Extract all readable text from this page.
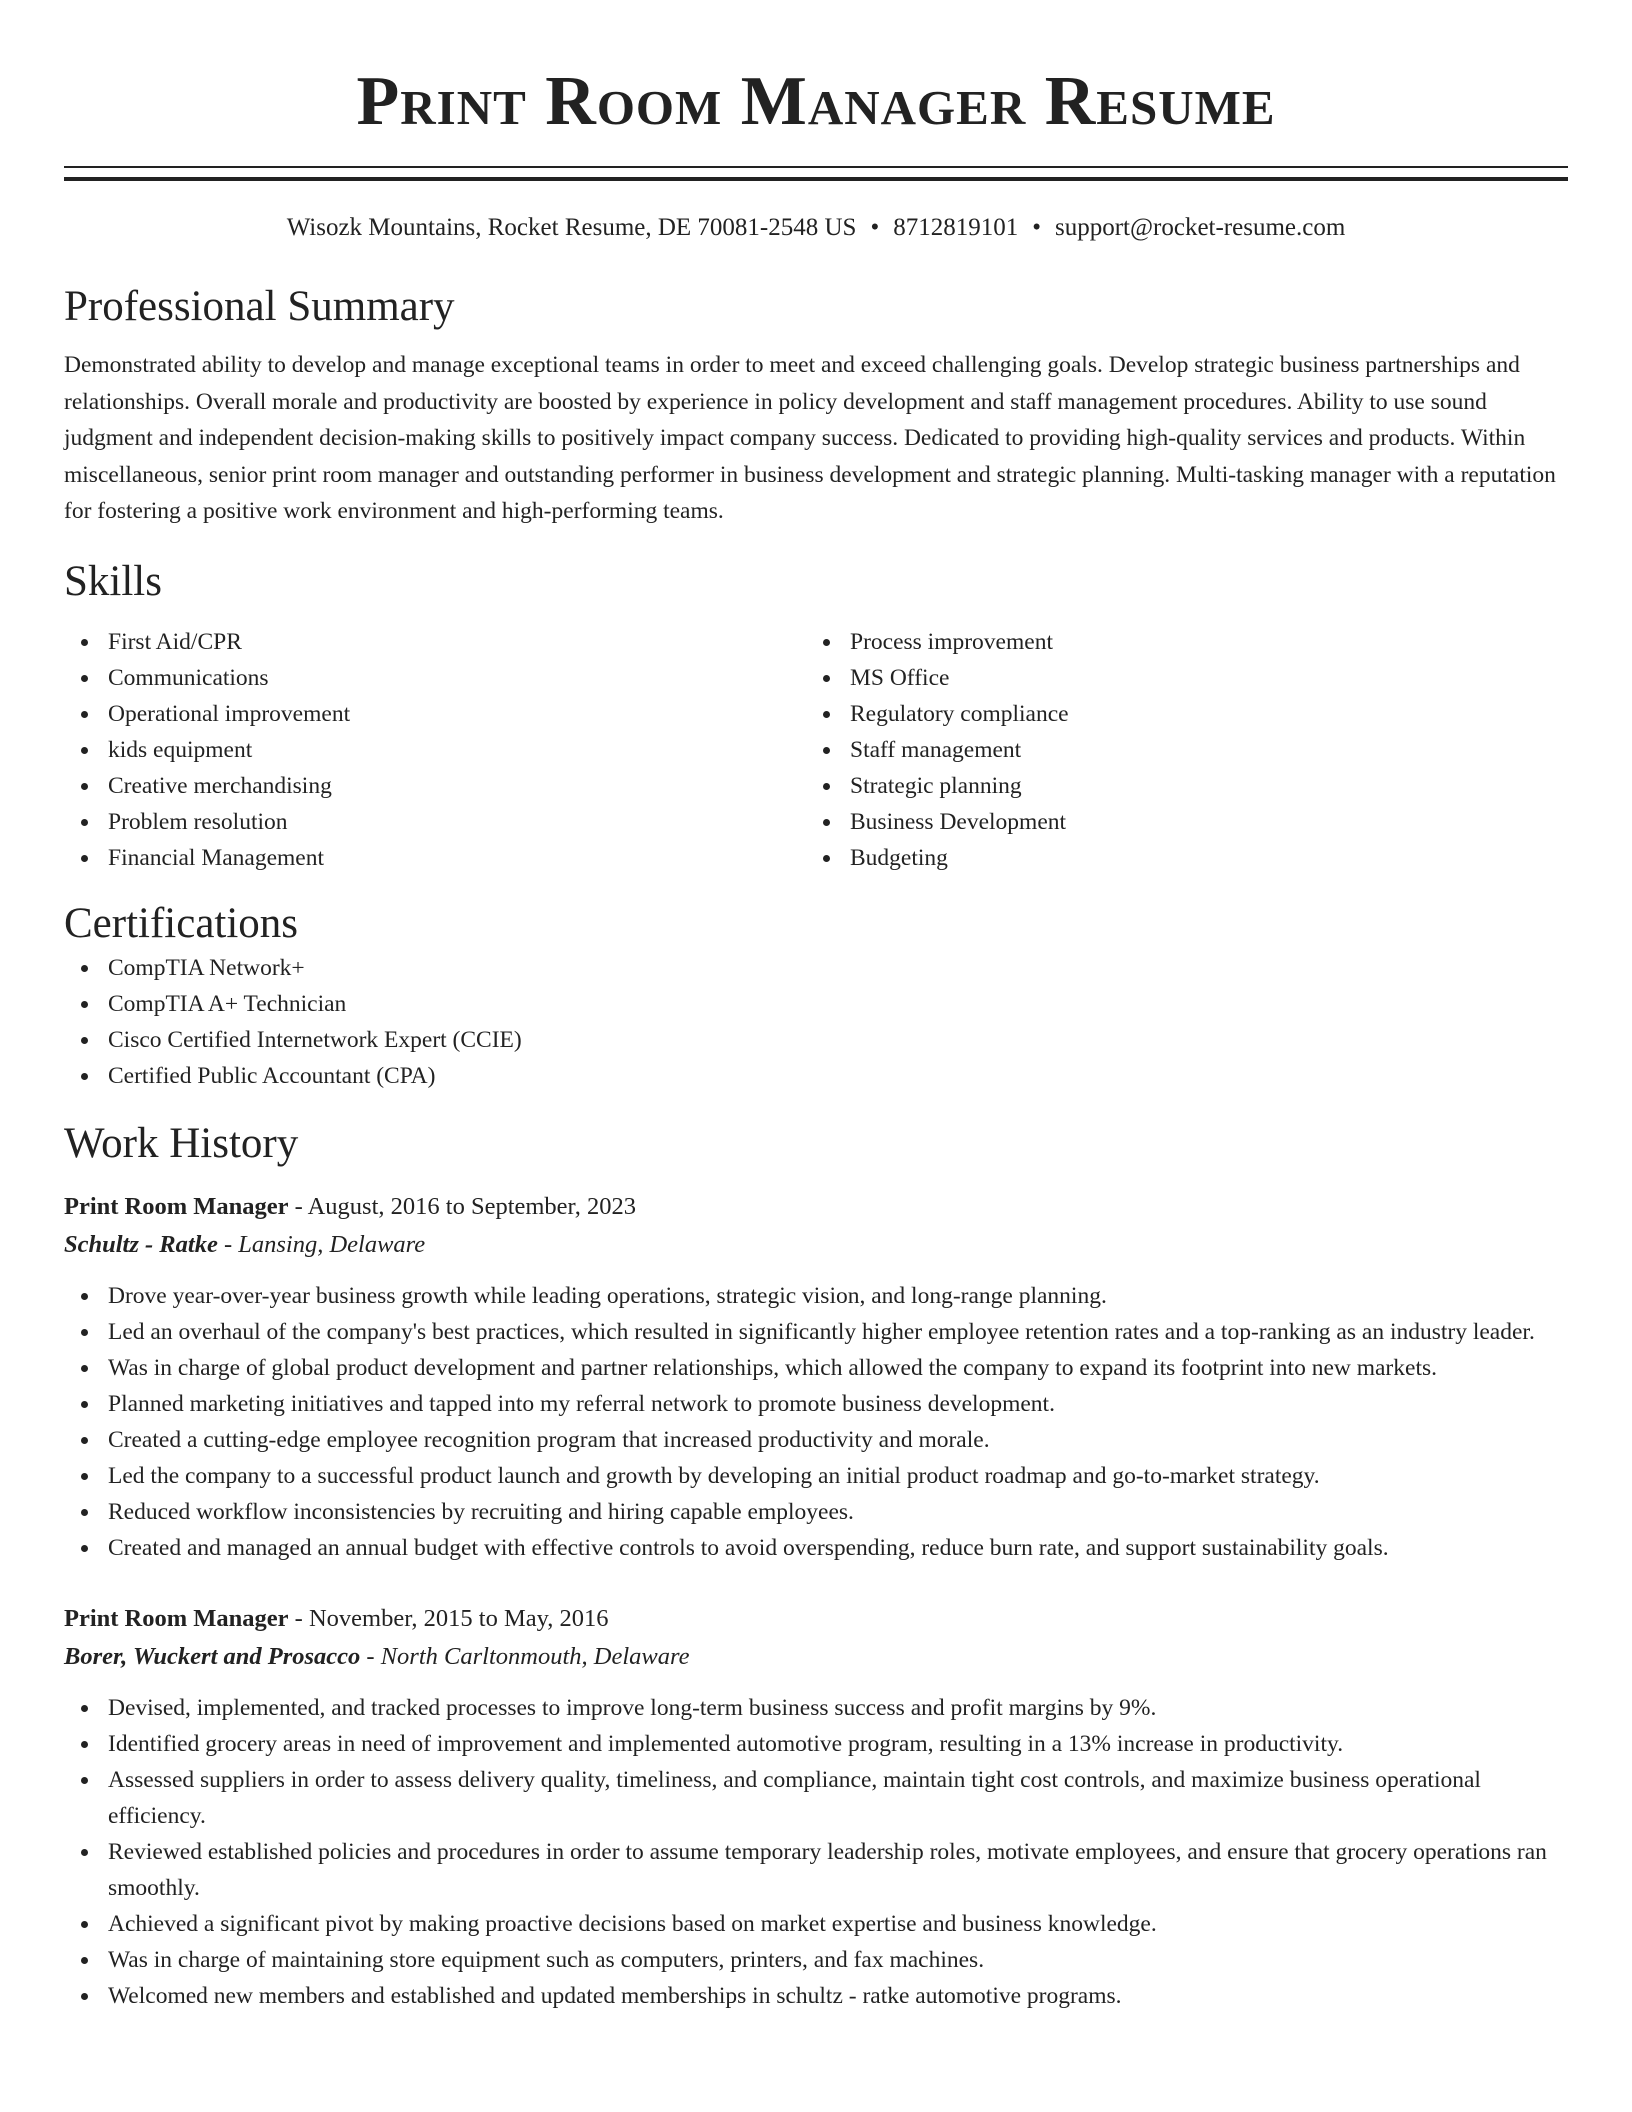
Print Room Manager Resume
Wisozk Mountains, Rocket Resume, DE 70081-2548 US • 8712819101 • support@rocket-resume.com
Professional Summary
Demonstrated ability to develop and manage exceptional teams in order to meet and exceed challenging goals. Develop strategic business partnerships and relationships. Overall morale and productivity are boosted by experience in policy development and staff management procedures. Ability to use sound judgment and independent decision-making skills to positively impact company success. Dedicated to providing high-quality services and products. Within miscellaneous, senior print room manager and outstanding performer in business development and strategic planning. Multi-tasking manager with a reputation for fostering a positive work environment and high-performing teams.
Skills
First Aid/CPR
Communications
Operational improvement
kids equipment
Creative merchandising
Problem resolution
Financial Management
Process improvement
MS Office
Regulatory compliance
Staff management
Strategic planning
Business Development
Budgeting
Certifications
CompTIA Network+
CompTIA A+ Technician
Cisco Certified Internetwork Expert (CCIE)
Certified Public Accountant (CPA)
Work History
Print Room Manager - August, 2016 to September, 2023
Schultz - Ratke - Lansing, Delaware
Drove year-over-year business growth while leading operations, strategic vision, and long-range planning.
Led an overhaul of the company's best practices, which resulted in significantly higher employee retention rates and a top-ranking as an industry leader.
Was in charge of global product development and partner relationships, which allowed the company to expand its footprint into new markets.
Planned marketing initiatives and tapped into my referral network to promote business development.
Created a cutting-edge employee recognition program that increased productivity and morale.
Led the company to a successful product launch and growth by developing an initial product roadmap and go-to-market strategy.
Reduced workflow inconsistencies by recruiting and hiring capable employees.
Created and managed an annual budget with effective controls to avoid overspending, reduce burn rate, and support sustainability goals.
Print Room Manager - November, 2015 to May, 2016
Borer, Wuckert and Prosacco - North Carltonmouth, Delaware
Devised, implemented, and tracked processes to improve long-term business success and profit margins by 9%.
Identified grocery areas in need of improvement and implemented automotive program, resulting in a 13% increase in productivity.
Assessed suppliers in order to assess delivery quality, timeliness, and compliance, maintain tight cost controls, and maximize business operational efficiency.
Reviewed established policies and procedures in order to assume temporary leadership roles, motivate employees, and ensure that grocery operations ran smoothly.
Achieved a significant pivot by making proactive decisions based on market expertise and business knowledge.
Was in charge of maintaining store equipment such as computers, printers, and fax machines.
Welcomed new members and established and updated memberships in schultz - ratke automotive programs.
